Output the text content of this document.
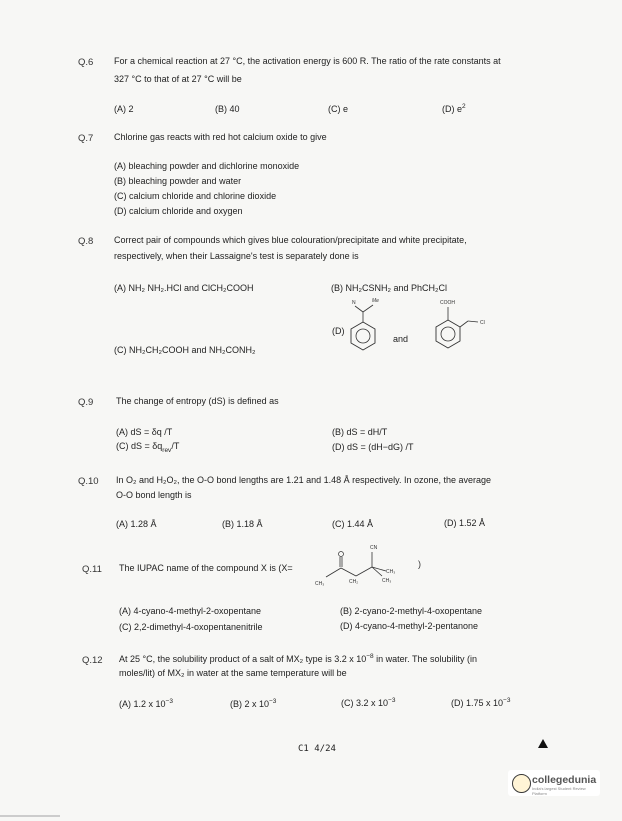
Q.6 For a chemical reaction at 27 °C, the activation energy is 600 R. The ratio of the rate constants at
327 °C to that of at 27 °C will be
(A) 2	(B) 40	(C) e	(D) $e^2$
Q.7 Chlorine gas reacts with red hot calcium oxide to give
(A) bleaching powder and dichlorine monoxide
(B) bleaching powder and water
(C) calcium chloride and chlorine dioxide
(D) calcium chloride and oxygen
Q.8 Correct pair of compounds which gives blue colouration/precipitate and white precipitate,
respectively, when their Lassaigne's test is separately done is
(A) NH₂ NH₂.HCl and ClCH₂COOH	(B) NH₂CSNH₂ and PhCH₂Cl
(C) NH₂CH₂COOH and NH₂CONH₂
(D)
and
N	Me	COOH
Cl
Q.9	The change of entropy (dS) is defined as
(A) dS = δq /T	(B) dS = dH/T
(C) dS = $\delta q_{rev}/T$	(D) dS = (dH−dG) /T
Q.10 In O₂ and H₂O₂, the O-O bond lengths are 1.21 and 1.48 Å respectively. In ozone, the average
O-O bond length is
(A) 1.28 Å	(B) 1.18 Å	(C) 1.44 Å	(D) 1.52 Å
Q.11 The IUPAC name of the compound X is (X=
CN
CH₃	CH₂
CH₃
CH₃
)
(A) 4-cyano-4-methyl-2-oxopentane	(B) 2-cyano-2-methyl-4-oxopentane
(C) 2,2-dimethyl-4-oxopentanenitrile	(D) 4-cyano-4-methyl-2-pentanone
Q.12 At 25 °C, the solubility product of a salt of MX₂ type is 3.2 x $10^{-8}$ in water. The solubility (in
moles/lit) of MX₂ in water at the same temperature will be
(A) 1.2 x $10^{-3}$	(B) 2 x $10^{-3}$	(C) 3.2 x $10^{-3}$	(D) 1.75 x $10^{-3}$
C1 4/24
collegedunia
India's largest Student Review Platform
